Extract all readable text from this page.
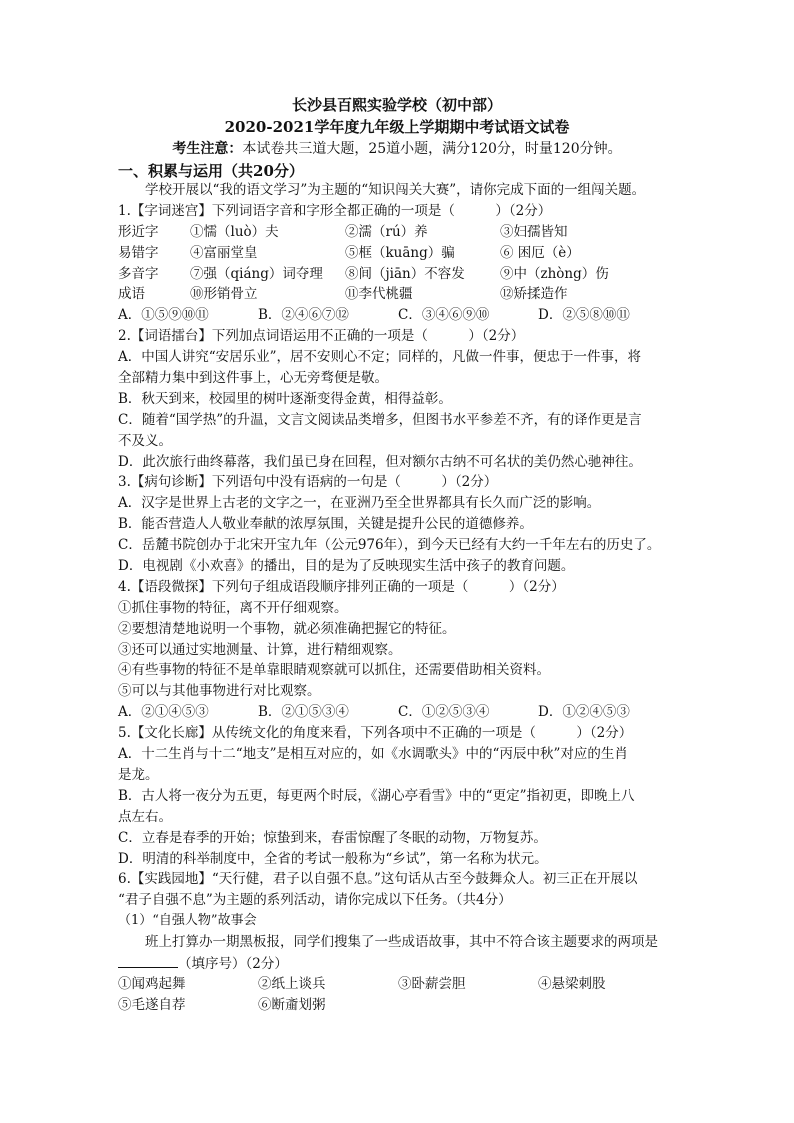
长沙县百熙实验学校（初中部）
2020-2021学年度九年级上学期期中考试语文试卷
考生注意：本试卷共三道大题，25道小题，满分120分，时量120分钟。
一、积累与运用（共20分）
学校开展以“我的语文学习”为主题的“知识闯关大赛”，请你完成下面的一组闯关题。
1.【字词迷宫】下列词语字音和字形全都正确的一项是（　　　）（2分）
形近字	①懦（luò）夫	②濡（rú）养	③妇孺皆知
易错字	④富丽堂皇	⑤框（kuāng）骗	⑥ 困厄（è）
多音字	⑦强（qiáng）词夺理	⑧间（jiān）不容发	⑨中（zhòng）伤
成语	⑩形销骨立	⑪李代桃疆	⑫矫揉造作
A．①⑤⑨⑩⑪	B．②④⑥⑦⑫	C．③④⑥⑨⑩	D．②⑤⑧⑩⑪
2.【词语擂台】下列加点词语运用不正确的一项是（　　　）（2分）
A．中国人讲究“安居乐业”，居不安则心不定；同样的，凡做一件事，便忠于一件事，将
全部精力集中到这件事上，心无旁骛便是敬。
B．秋天到来，校园里的树叶逐渐变得金黄，相得益彰。
C．随着“国学热”的升温，文言文阅读品类增多，但图书水平参差不齐，有的译作更是言
不及义。
D．此次旅行曲终幕落，我们虽已身在回程，但对额尔古纳不可名状的美仍然心驰神往。
3.【病句诊断】下列语句中没有语病的一句是（　　　）（2分）
A．汉字是世界上古老的文字之一，在亚洲乃至全世界都具有长久而广泛的影响。
B．能否营造人人敬业奉献的浓厚氛围，关键是提升公民的道德修养。
C．岳麓书院创办于北宋开宝九年（公元976年），到今天已经有大约一千年左右的历史了。
D．电视剧《小欢喜》的播出，目的是为了反映现实生活中孩子的教育问题。
4.【语段微探】下列句子组成语段顺序排列正确的一项是（　　　）（2分）
①抓住事物的特征，离不开仔细观察。
②要想清楚地说明一个事物，就必须准确把握它的特征。
③还可以通过实地测量、计算，进行精细观察。
④有些事物的特征不是单靠眼睛观察就可以抓住，还需要借助相关资料。
⑤可以与其他事物进行对比观察。
A．②①④⑤③	B．②①⑤③④	C．①②⑤③④	D．①②④⑤③
5.【文化长廊】从传统文化的角度来看，下列各项中不正确的一项是（　　　）（2分）
A．十二生肖与十二“地支”是相互对应的，如《水调歌头》中的“丙辰中秋”对应的生肖
是龙。
B．古人将一夜分为五更，每更两个时辰，《湖心亭看雪》中的“更定”指初更，即晚上八
点左右。
C．立春是春季的开始；惊蛰到来，春雷惊醒了冬眠的动物，万物复苏。
D．明清的科举制度中，全省的考试一般称为“乡试”，第一名称为状元。
6.【实践园地】“天行健，君子以自强不息。”这句话从古至今鼓舞众人。初三正在开展以
“君子自强不息”为主题的系列活动，请你完成以下任务。（共4分）
（1）“自强人物”故事会
班上打算办一期黑板报，同学们搜集了一些成语故事，其中不符合该主题要求的两项是
（填序号）（2分）
①闻鸡起舞	②纸上谈兵	③卧薪尝胆	④悬梁刺股
⑤毛遂自荐	⑥断齑划粥
